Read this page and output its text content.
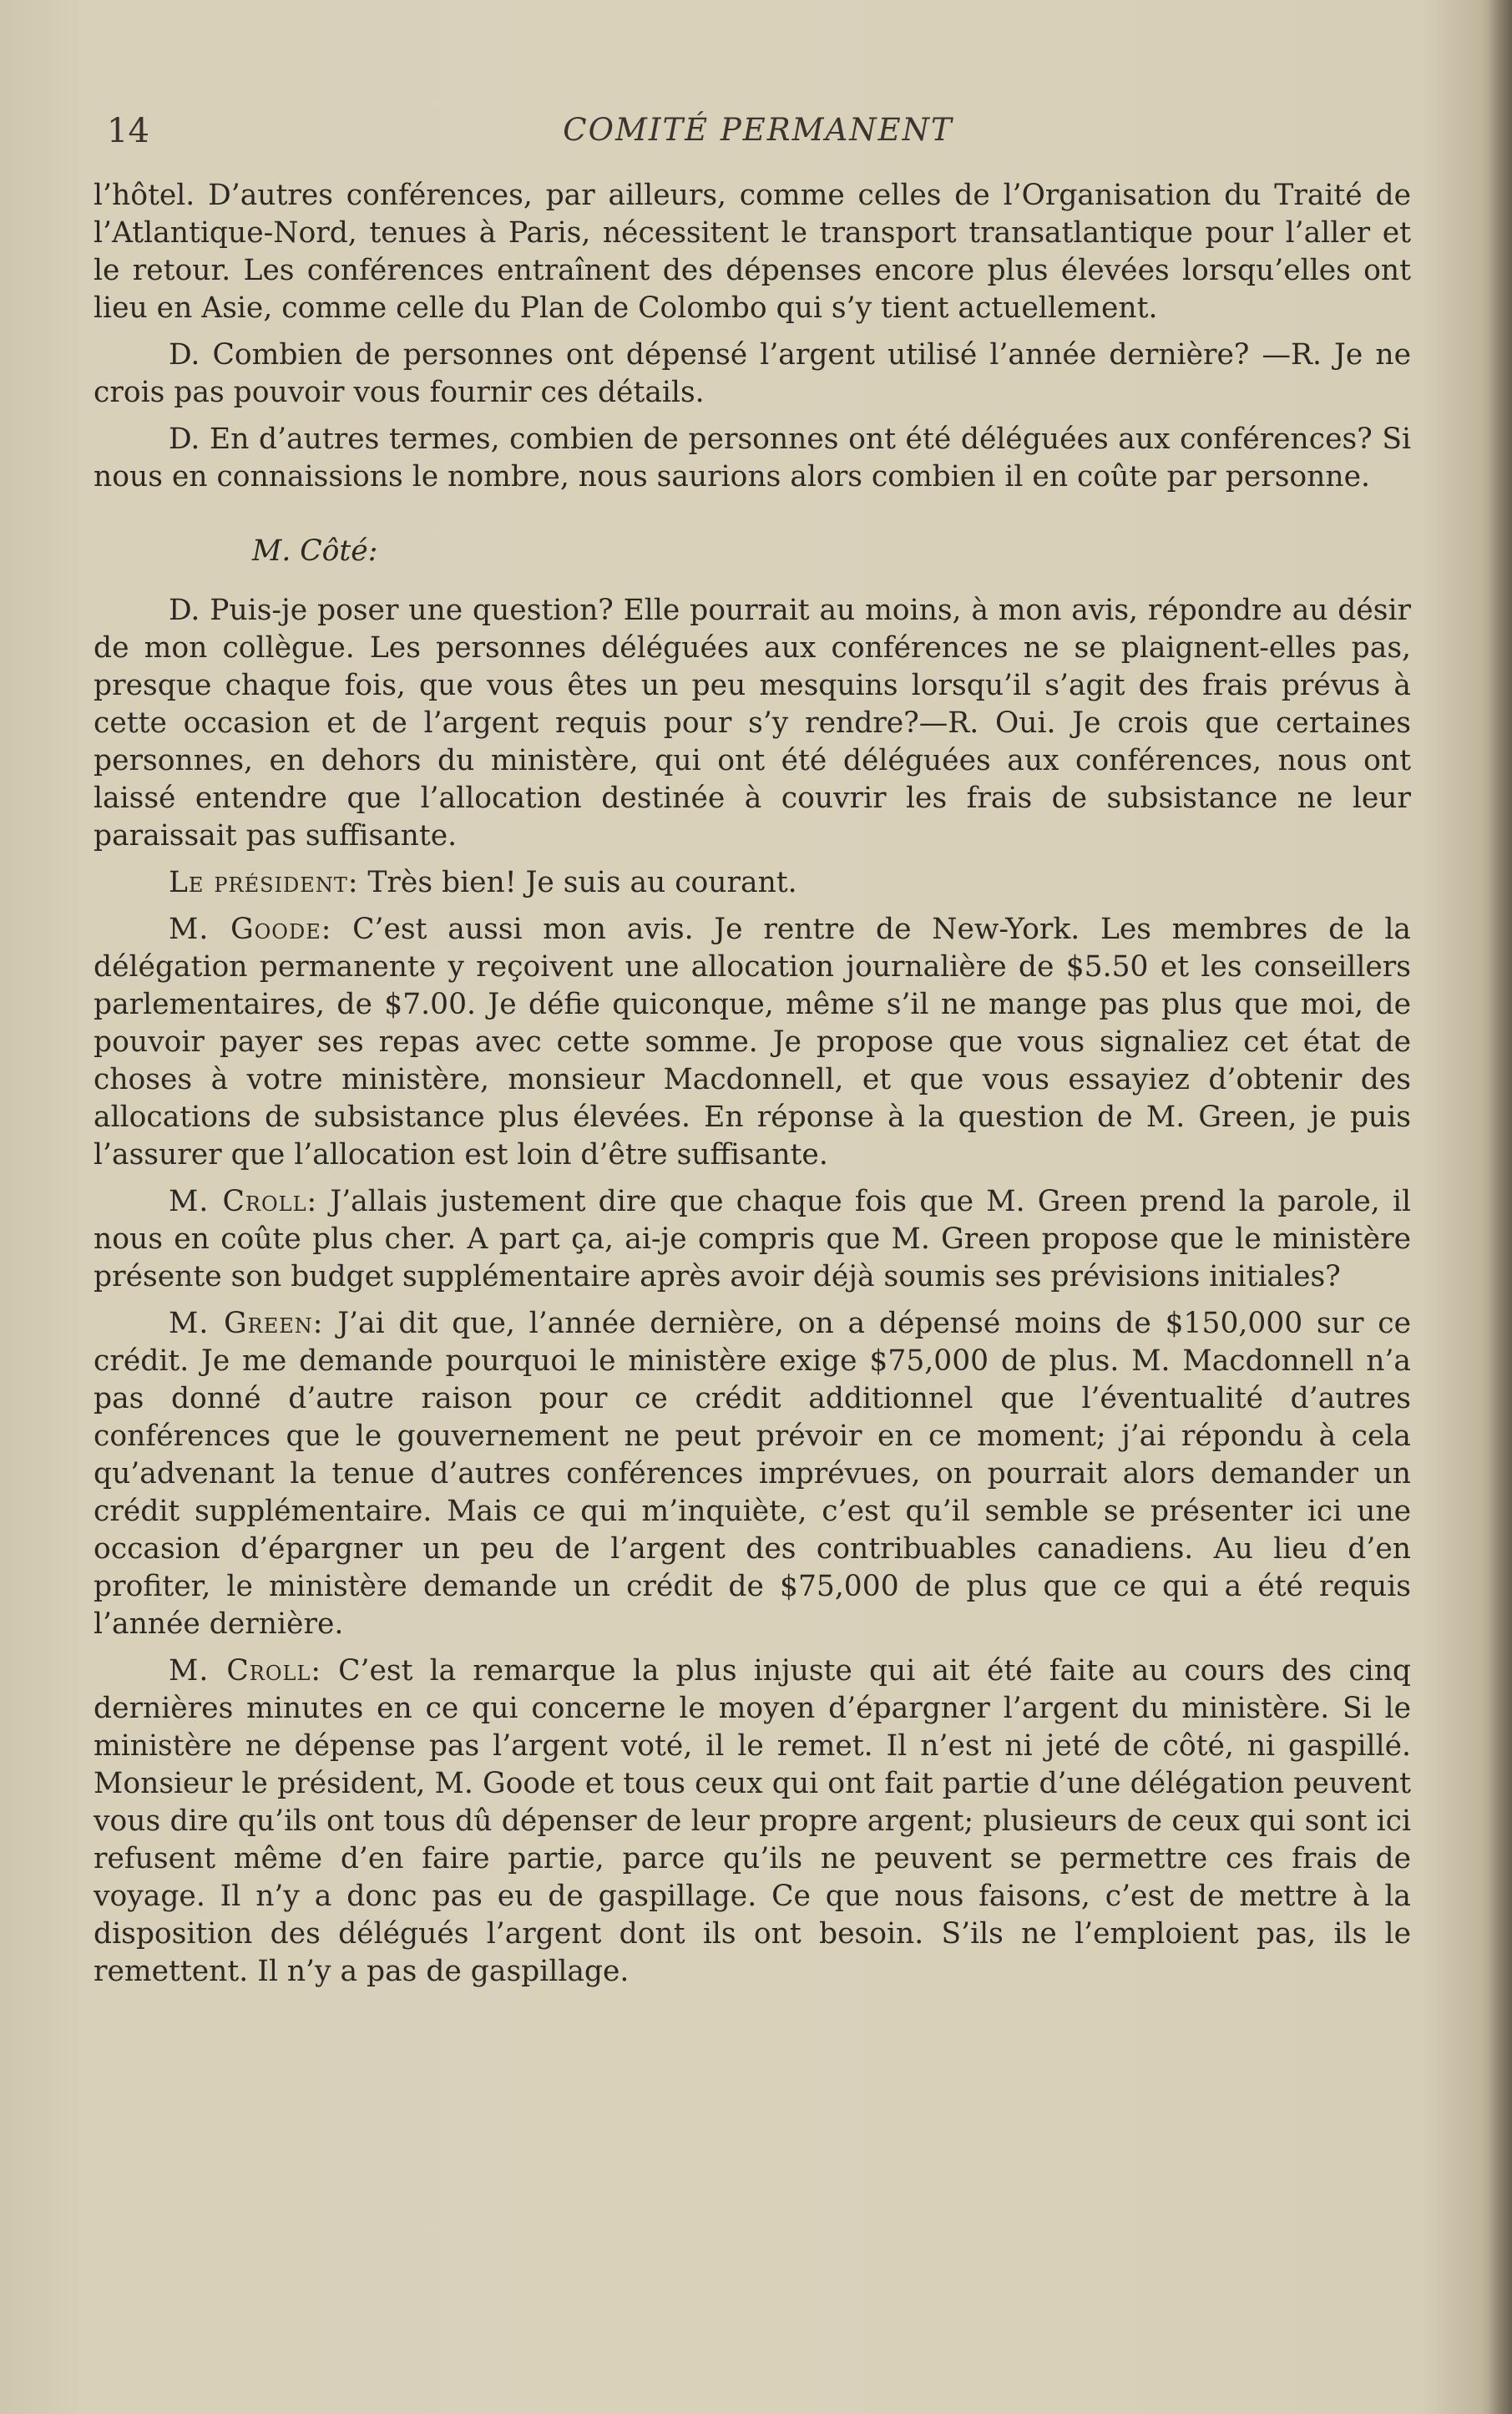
14	COMITÉ PERMANENT

l’hôtel. D’autres conférences, par ailleurs, comme celles de l’Organisation du Traité de l’Atlantique-Nord, tenues à Paris, nécessitent le transport transatlantique pour l’aller et le retour. Les conférences entraînent des dépenses encore plus élevées lorsqu’elles ont lieu en Asie, comme celle du Plan de Colombo qui s’y tient actuellement.

D. Combien de personnes ont dépensé l’argent utilisé l’année dernière? —R. Je ne crois pas pouvoir vous fournir ces détails.

D. En d’autres termes, combien de personnes ont été déléguées aux conférences? Si nous en connaissions le nombre, nous saurions alors combien il en coûte par personne.

M. Côté:

D. Puis-je poser une question? Elle pourrait au moins, à mon avis, répondre au désir de mon collègue. Les personnes déléguées aux conférences ne se plaignent-elles pas, presque chaque fois, que vous êtes un peu mesquins lorsqu’il s’agit des frais prévus à cette occasion et de l’argent requis pour s’y rendre?—R. Oui. Je crois que certaines personnes, en dehors du ministère, qui ont été déléguées aux conférences, nous ont laissé entendre que l’allocation destinée à couvrir les frais de subsistance ne leur paraissait pas suffisante.

Le président: Très bien! Je suis au courant.

M. Goode: C’est aussi mon avis. Je rentre de New-York. Les membres de la délégation permanente y reçoivent une allocation journalière de $5.50 et les conseillers parlementaires, de $7.00. Je défie quiconque, même s’il ne mange pas plus que moi, de pouvoir payer ses repas avec cette somme. Je propose que vous signaliez cet état de choses à votre ministère, monsieur Macdonnell, et que vous essayiez d’obtenir des allocations de subsistance plus élevées. En réponse à la question de M. Green, je puis l’assurer que l’allocation est loin d’être suffisante.

M. Croll: J’allais justement dire que chaque fois que M. Green prend la parole, il nous en coûte plus cher. A part ça, ai-je compris que M. Green propose que le ministère présente son budget supplémentaire après avoir déjà soumis ses prévisions initiales?

M. Green: J’ai dit que, l’année dernière, on a dépensé moins de $150,000 sur ce crédit. Je me demande pourquoi le ministère exige $75,000 de plus. M. Macdonnell n’a pas donné d’autre raison pour ce crédit additionnel que l’éventualité d’autres conférences que le gouvernement ne peut prévoir en ce moment; j’ai répondu à cela qu’advenant la tenue d’autres conférences imprévues, on pourrait alors demander un crédit supplémentaire. Mais ce qui m’inquiète, c’est qu’il semble se présenter ici une occasion d’épargner un peu de l’argent des contribuables canadiens. Au lieu d’en profiter, le ministère demande un crédit de $75,000 de plus que ce qui a été requis l’année dernière.

M. Croll: C’est la remarque la plus injuste qui ait été faite au cours des cinq dernières minutes en ce qui concerne le moyen d’épargner l’argent du ministère. Si le ministère ne dépense pas l’argent voté, il le remet. Il n’est ni jeté de côté, ni gaspillé. Monsieur le président, M. Goode et tous ceux qui ont fait partie d’une délégation peuvent vous dire qu’ils ont tous dû dépenser de leur propre argent; plusieurs de ceux qui sont ici refusent même d’en faire partie, parce qu’ils ne peuvent se permettre ces frais de voyage. Il n’y a donc pas eu de gaspillage. Ce que nous faisons, c’est de mettre à la disposition des délégués l’argent dont ils ont besoin. S’ils ne l’emploient pas, ils le remettent. Il n’y a pas de gaspillage.
